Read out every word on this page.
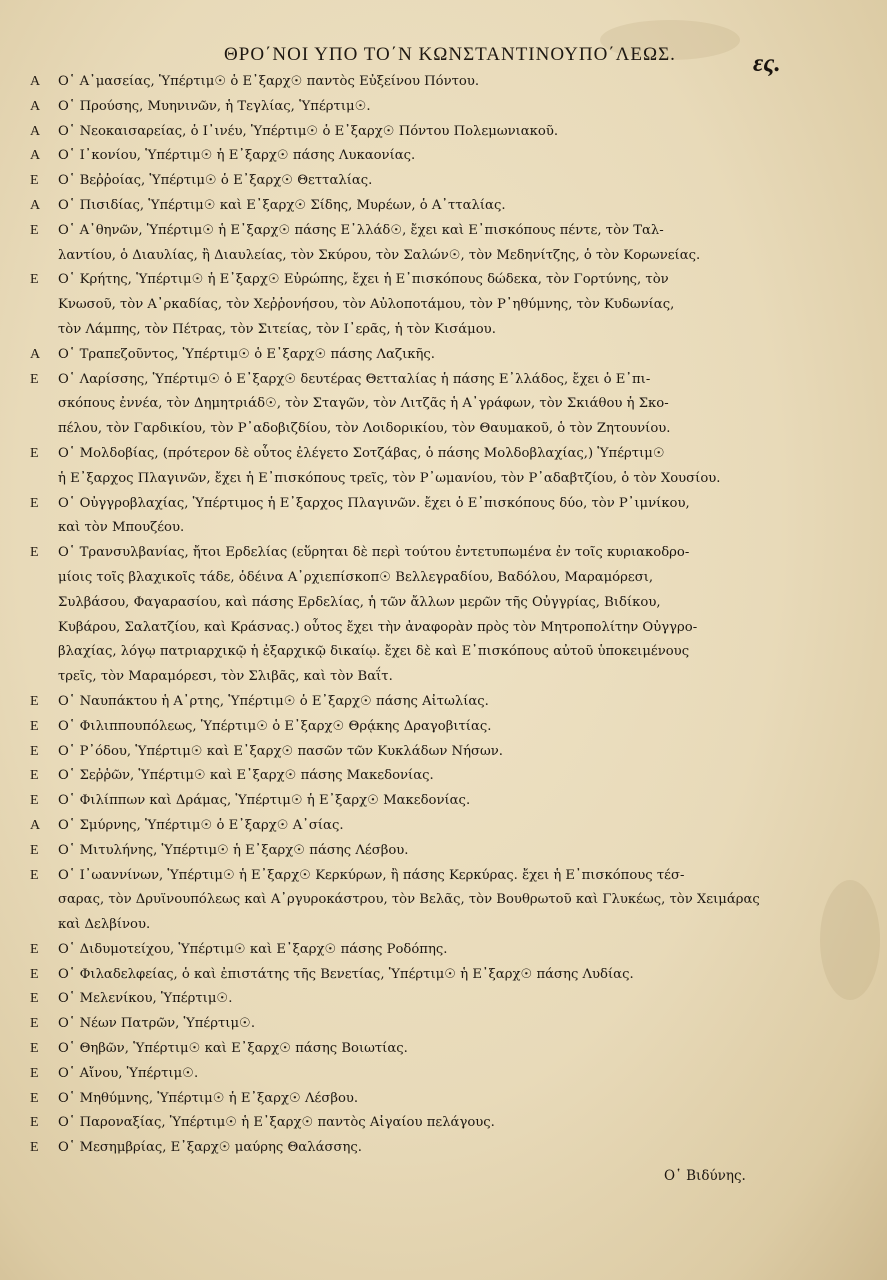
ΘΡΟ΄ΝΟΙ ΥΠΟ ΤΟ΄Ν ΚΩΝΣΤΑΝΤΙΝΟΥΠΟ΄ΛΕΩΣ.	ες.
Α Ο῾ Α᾽μασείας, Ὑπέρτιμ☉ ὁ Ε᾽ξαρχ☉ παντὸς Εὐξείνου Πόντου.
Α Ο῾ Προύσης, Μυηνινῶν, ἡ Τεγλίας, Ὑπέρτιμ☉.
Α Ο῾ Νεοκαισαρείας, ὁ Ι᾽ινέυ, Ὑπέρτιμ☉ ὁ Ε᾽ξαρχ☉ Πόντου Πολεμωνιακοῦ.
Α Ο῾ Ι᾽κονίου, Ὑπέρτιμ☉ ἡ Ε᾽ξαρχ☉ πάσης Λυκαονίας.
Ε Ο῾ Βεῤῥοίας, Ὑπέρτιμ☉ ὁ Ε᾽ξαρχ☉ Θετταλίας.
Α Ο῾ Πισιδίας, Ὑπέρτιμ☉ καὶ Ε᾽ξαρχ☉ Σίδης, Μυρέων, ὁ Α᾽τταλίας.
Ε Ο῾ Α᾽θηνῶν, Ὑπέρτιμ☉ ἡ Ε᾽ξαρχ☉ πάσης Ε᾽λλάδ☉, ἔχει καὶ Ε᾽πισκόπους πέντε, τὸν Ταλ-
λαντίου, ὁ Διαυλίας, ἢ Διαυλείας, τὸν Σκύρου, τὸν Σαλών☉, τὸν Μεδηνίτζης, ὁ τὸν Κορωνείας.
Ε Ο῾ Κρήτης, Ὑπέρτιμ☉ ἡ Ε᾽ξαρχ☉ Εὐρώπης, ἔχει ἡ Ε᾽πισκόπους δώδεκα, τὸν Γορτύνης, τὸν
Κνωσοῦ, τὸν Α᾽ρκαδίας, τὸν Χεῤῥονήσου, τὸν Αὐλοποτάμου, τὸν Ρ᾽ηθύμνης, τὸν Κυδωνίας,
τὸν Λάμπης, τὸν Πέτρας, τὸν Σιτείας, τὸν Ι᾽ερᾶς, ἡ τὸν Κισάμου.
Α Ο῾ Τραπεζοῦντος, Ὑπέρτιμ☉ ὁ Ε᾽ξαρχ☉ πάσης Λαζικῆς.
Ε Ο῾ Λαρίσσης, Ὑπέρτιμ☉ ὁ Ε᾽ξαρχ☉ δευτέρας Θετταλίας ἡ πάσης Ε᾽λλάδος, ἔχει ὁ Ε᾽πι-
σκόπους ἐννέα, τὸν Δημητριάδ☉, τὸν Σταγῶν, τὸν Λιτζᾶς ἡ Α᾽γράφων, τὸν Σκιάθου ἡ Σκο-
πέλου, τὸν Γαρδικίου, τὸν Ρ᾽αδοβιζδίου, τὸν Λοιδορικίου, τὸν Θαυμακοῦ, ὁ τὸν Ζητουνίου.
Ε Ο῾ Μολδοβίας, (πρότερον δὲ οὗτος ἐλέγετο Σοτζάβας, ὁ πάσης Μολδοβλαχίας,) Ὑπέρτιμ☉
ἡ Ε᾽ξαρχος Πλαγινῶν, ἔχει ἡ Ε᾽πισκόπους τρεῖς, τὸν Ρ᾽ωμανίου, τὸν Ρ᾽αδαβτζίου, ὁ τὸν Χουσίου.
Ε Ο῾ Οὐγγροβλαχίας, Ὑπέρτιμος ἡ Ε᾽ξαρχος Πλαγινῶν. ἔχει ὁ Ε᾽πισκόπους δύο, τὸν Ρ᾽ιμνίκου,
καὶ τὸν Μπουζέου.
Ε Ο῾ Τρανσυλβανίας, ἤτοι Ερδελίας (εὕρηται δὲ περὶ τούτου ἐντετυπωμένα ἐν τοῖς κυριακοδρο-
μίοις τοῖς βλαχικοῖς τάδε, ὁδέινα Α᾽ρχιεπίσκοπ☉ Βελλεγραδίου, Βαδόλου, Μαραμόρεσι,
Συλβάσου, Φαγαρασίου, καὶ πάσης Ερδελίας, ἡ τῶν ἄλλων μερῶν τῆς Οὐγγρίας, Βιδίκου,
Κυβάρου, Σαλατζίου, καὶ Κράσνας.) οὗτος ἔχει τὴν ἀναφορὰν πρὸς τὸν Μητροπολίτην Οὐγγρο-
βλαχίας, λόγῳ πατριαρχικῷ ἡ ἐξαρχικῷ δικαίῳ. ἔχει δὲ καὶ Ε᾽πισκόπους αὐτοῦ ὑποκειμένους
τρεῖς, τὸν Μαραμόρεσι, τὸν Σλιβᾶς, καὶ τὸν Βαΐτ.
Ε Ο῾ Ναυπάκτου ἡ Α᾽ρτης, Ὑπέρτιμ☉ ὁ Ε᾽ξαρχ☉ πάσης Αἰτωλίας.
Ε Ο῾ Φιλιππουπόλεως, Ὑπέρτιμ☉ ὁ Ε᾽ξαρχ☉ Θρᾴκης Δραγοβιτίας.
Ε Ο῾ Ρ᾽όδου, Ὑπέρτιμ☉ καὶ Ε᾽ξαρχ☉ πασῶν τῶν Κυκλάδων Νήσων.
Ε Ο῾ Σεῤῥῶν, Ὑπέρτιμ☉ καὶ Ε᾽ξαρχ☉ πάσης Μακεδονίας.
Ε Ο῾ Φιλίππων καὶ Δράμας, Ὑπέρτιμ☉ ἡ Ε᾽ξαρχ☉ Μακεδονίας.
Α Ο῾ Σμύρνης, Ὑπέρτιμ☉ ὁ Ε᾽ξαρχ☉ Α᾽σίας.
Ε Ο῾ Μιτυλήνης, Ὑπέρτιμ☉ ἡ Ε᾽ξαρχ☉ πάσης Λέσβου.
Ε Ο῾ Ι᾽ωαννίνων, Ὑπέρτιμ☉ ἡ Ε᾽ξαρχ☉ Κερκύρων, ἢ πάσης Κερκύρας. ἔχει ἡ Ε᾽πισκόπους τέσ-
σαρας, τὸν Δρυϊνουπόλεως καὶ Α᾽ργυροκάστρου, τὸν Βελᾶς, τὸν Βουθρωτοῦ καὶ Γλυκέως, τὸν Χειμάρας
καὶ Δελβίνου.
Ε Ο῾ Διδυμοτείχου, Ὑπέρτιμ☉ καὶ Ε᾽ξαρχ☉ πάσης Ροδόπης.
Ε Ο῾ Φιλαδελφείας, ὁ καὶ ἐπιστάτης τῆς Βενετίας, Ὑπέρτιμ☉ ἡ Ε᾽ξαρχ☉ πάσης Λυδίας.
Ε Ο῾ Μελενίκου, Ὑπέρτιμ☉.
Ε Ο῾ Νέων Πατρῶν, Ὑπέρτιμ☉.
Ε Ο῾ Θηβῶν, Ὑπέρτιμ☉ καὶ Ε᾽ξαρχ☉ πάσης Βοιωτίας.
Ε Ο῾ Αἴνου, Ὑπέρτιμ☉.
Ε Ο῾ Μηθύμνης, Ὑπέρτιμ☉ ἡ Ε᾽ξαρχ☉ Λέσβου.
Ε Ο῾ Παροναξίας, Ὑπέρτιμ☉ ἡ Ε᾽ξαρχ☉ παντὸς Αἰγαίου πελάγους.
Ε Ο῾ Μεσημβρίας, Ε᾽ξαρχ☉ μαύρης Θαλάσσης.
Ο῾ Βιδύνης.
